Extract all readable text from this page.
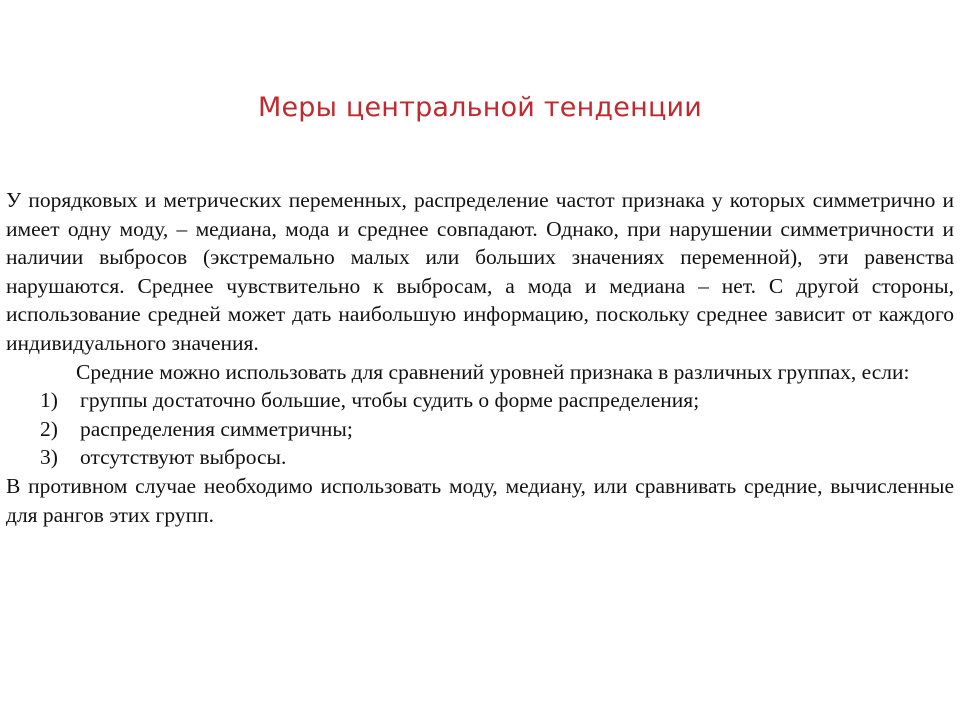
Меры центральной тенденции

У порядковых и метрических переменных, распределение частот признака у которых симметрично и имеет одну моду, – медиана, мода и среднее совпадают. Однако, при нарушении симметричности и наличии выбросов (экстремально малых или больших значениях переменной), эти равенства нарушаются. Среднее чувствительно к выбросам, а мода и медиана – нет. С другой стороны, использование средней может дать наибольшую информацию, поскольку среднее зависит от каждого индивидуального значения.

Средние можно использовать для сравнений уровней признака в различных группах, если:

1)	группы достаточно большие, чтобы судить о форме распределения;
2)	распределения симметричны;
3)	отсутствуют выбросы.

В противном случае необходимо использовать моду, медиану, или сравнивать средние, вычисленные для рангов этих групп.
